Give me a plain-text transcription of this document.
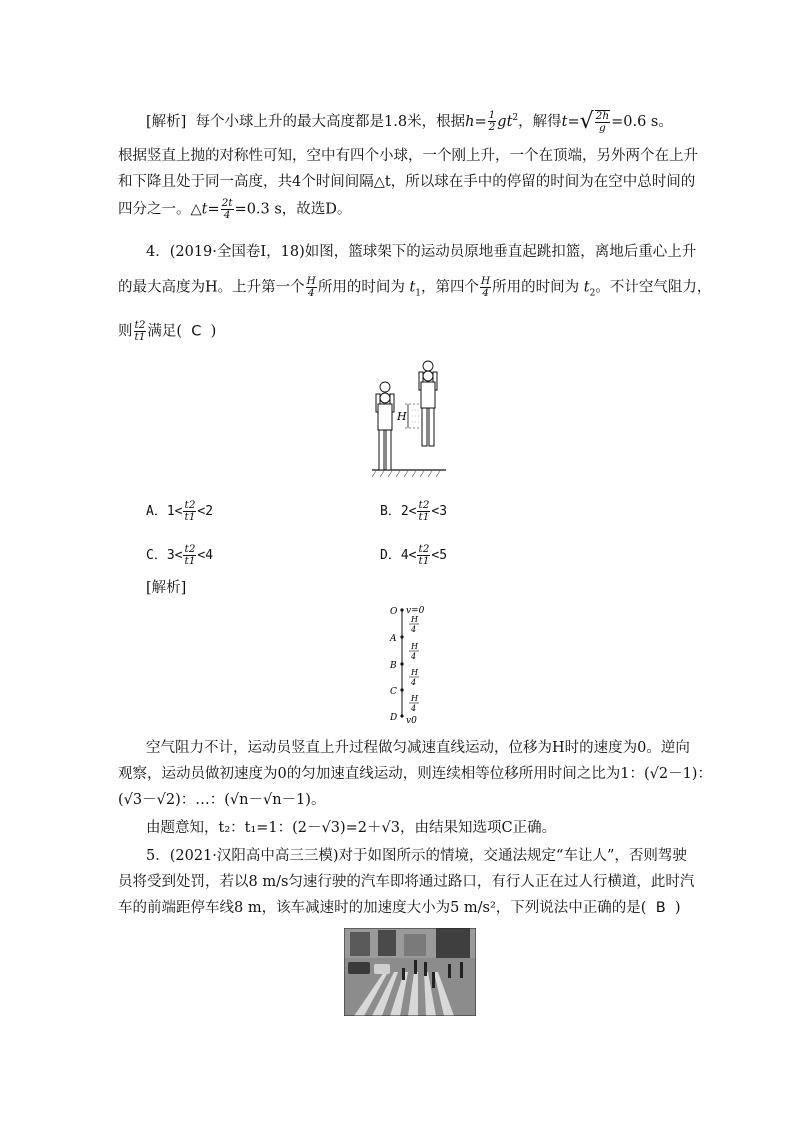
[解析] 每个小球上升的最大高度都是1.8米，根据$h= \frac{1}{2} gt^2$，解得$t=√ \frac{2h}{g} =0.6$ s。
根据竖直上抛的对称性可知，空中有四个小球，一个刚上升，一个在顶端，另外两个在上升
和下降且处于同一高度，共4个时间间隔△t，所以球在手中的停留的时间为在空中总时间的
四分之一。△t= $\frac{2t}{4} =0.3$ s，故选D。
4．(2019·全国卷Ⅰ，18)如图，篮球架下的运动员原地垂直起跳扣篮，离地后重心上升
的最大高度为H。上升第一个 $\frac{H}{4}$ 所用的时间为 $t_1$，第四个 $\frac{H}{4}$ 所用的时间为 $t_2$。不计空气阻力，
则 $\frac{t2}{t1}$ 满足( C )
H
A．$1< \frac{t2}{t1} <2$	B．$2< \frac{t2}{t1} <3$
C．$3< \frac{t2}{t1} <4$	D．$4< \frac{t2}{t1} <5$
[解析]
O
A
B
C
D
v=0
v0
H
4
H
4
H
4
H
4
空气阻力不计，运动员竖直上升过程做匀减速直线运动，位移为H时的速度为0。逆向
观察，运动员做初速度为0的匀加速直线运动，则连续相等位移所用时间之比为1：(√2－1)：
(√3－√2)：…：(√n－√n－1)。
由题意知，t₂：t₁=1：(2－√3)=2＋√3，由结果知选项C正确。
5．(2021·汉阳高中高三三模)对于如图所示的情境，交通法规定“车让人”，否则驾驶
员将受到处罚，若以8 m/s匀速行驶的汽车即将通过路口，有行人正在过人行横道，此时汽
车的前端距停车线8 m，该车减速时的加速度大小为5 m/s²，下列说法中正确的是( B )
